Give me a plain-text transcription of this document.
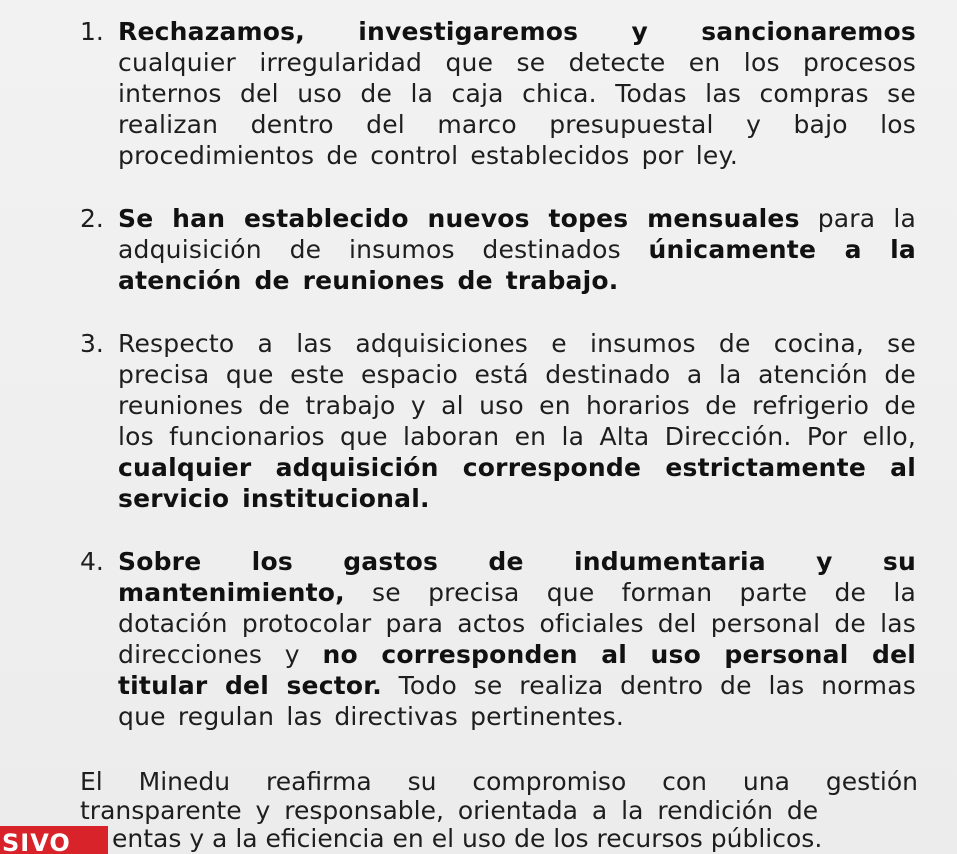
1. Rechazamos, investigaremos y sancionaremos cualquier irregularidad que se detecte en los procesos internos del uso de la caja chica. Todas las compras se realizan dentro del marco presupuestal y bajo los procedimientos de control establecidos por ley.
2. Se han establecido nuevos topes mensuales para la adquisición de insumos destinados únicamente a la atención de reuniones de trabajo.
3. Respecto a las adquisiciones e insumos de cocina, se precisa que este espacio está destinado a la atención de reuniones de trabajo y al uso en horarios de refrigerio de los funcionarios que laboran en la Alta Dirección. Por ello, cualquier adquisición corresponde estrictamente al servicio institucional.
4. Sobre los gastos de indumentaria y su mantenimiento, se precisa que forman parte de la dotación protocolar para actos oficiales del personal de las direcciones y no corresponden al uso personal del titular del sector. Todo se realiza dentro de las normas que regulan las directivas pertinentes.
El Minedu reafirma su compromiso con una gestión transparente y responsable, orientada a la rendición de
SIVO	entas y a la eficiencia en el uso de los recursos públicos.
